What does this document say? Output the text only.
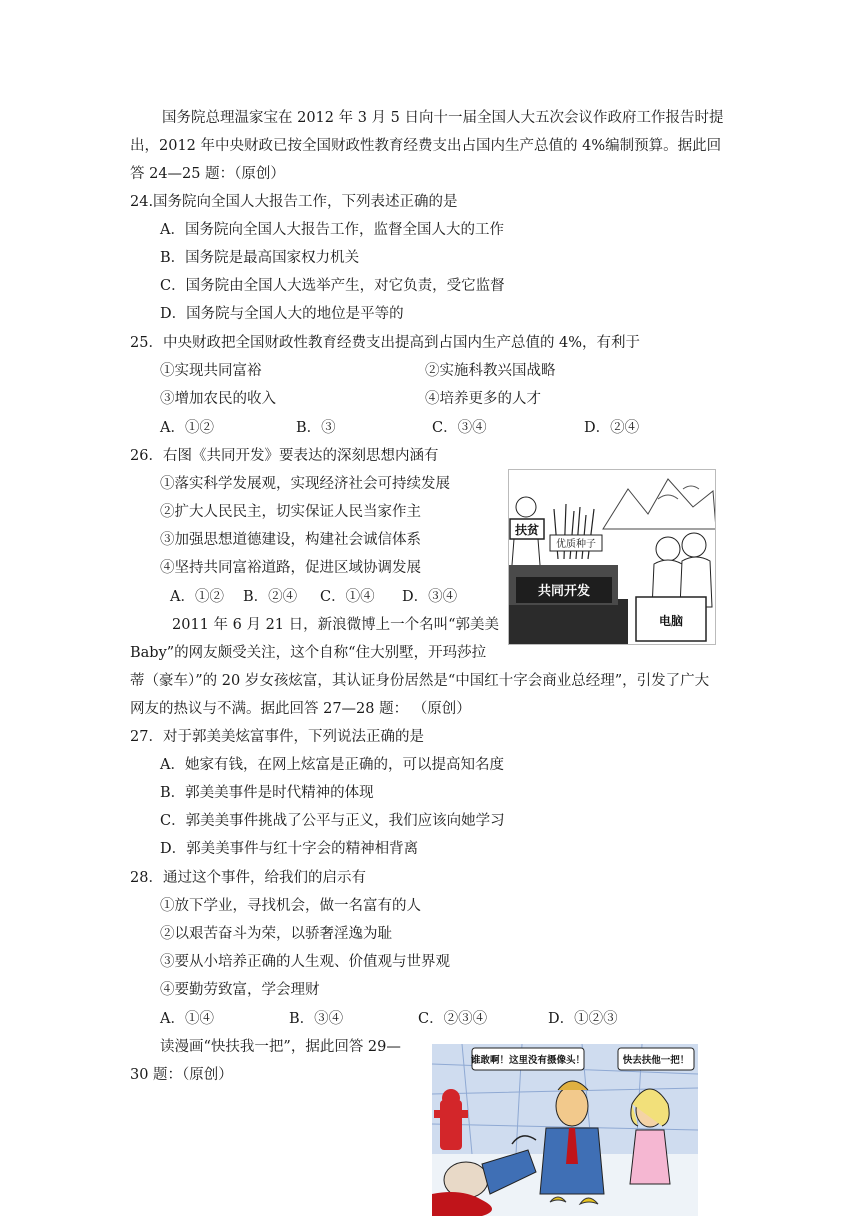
国务院总理温家宝在 2012 年 3 月 5 日向十一届全国人大五次会议作政府工作报告时提
出，2012 年中央财政已按全国财政性教育经费支出占国内生产总值的 4%编制预算。据此回
答 24—25 题：（原创）
24.国务院向全国人大报告工作，下列表述正确的是
A．国务院向全国人大报告工作，监督全国人大的工作
B．国务院是最高国家权力机关
C．国务院由全国人大选举产生，对它负责，受它监督
D．国务院与全国人大的地位是平等的
25．中央财政把全国财政性教育经费支出提高到占国内生产总值的 4%，有利于
①实现共同富裕	②实施科教兴国战略
③增加农民的收入	④培养更多的人才
A．①②	B．③	C．③④	D．②④
26．右图《共同开发》要表达的深刻思想内涵有
①落实科学发展观，实现经济社会可持续发展
②扩大人民民主，切实保证人民当家作主
③加强思想道德建设，构建社会诚信体系
④坚持共同富裕道路，促进区域协调发展
A．①② B．②④ C．①④ D．③④
优质种子
扶贫
共同开发
电脑
2011 年 6 月 21 日，新浪微博上一个名叫“郭美美
Baby”的网友颇受关注，这个自称“住大别墅，开玛莎拉
蒂（豪车）”的 20 岁女孩炫富，其认证身份居然是“中国红十字会商业总经理”，引发了广大
网友的热议与不满。据此回答 27—28 题： （原创）
27．对于郭美美炫富事件，下列说法正确的是
A．她家有钱，在网上炫富是正确的，可以提高知名度
B．郭美美事件是时代精神的体现
C．郭美美事件挑战了公平与正义，我们应该向她学习
D．郭美美事件与红十字会的精神相背离
28．通过这个事件，给我们的启示有
①放下学业，寻找机会，做一名富有的人
②以艰苦奋斗为荣，以骄奢淫逸为耻
③要从小培养正确的人生观、价值观与世界观
④要勤劳致富，学会理财
A．①④	B．③④	C．②③④	D．①②③
读漫画“快扶我一把”，据此回答 29—
30 题：（原创）
谁敢啊！这里没有摄像头！	快去扶他一把！
